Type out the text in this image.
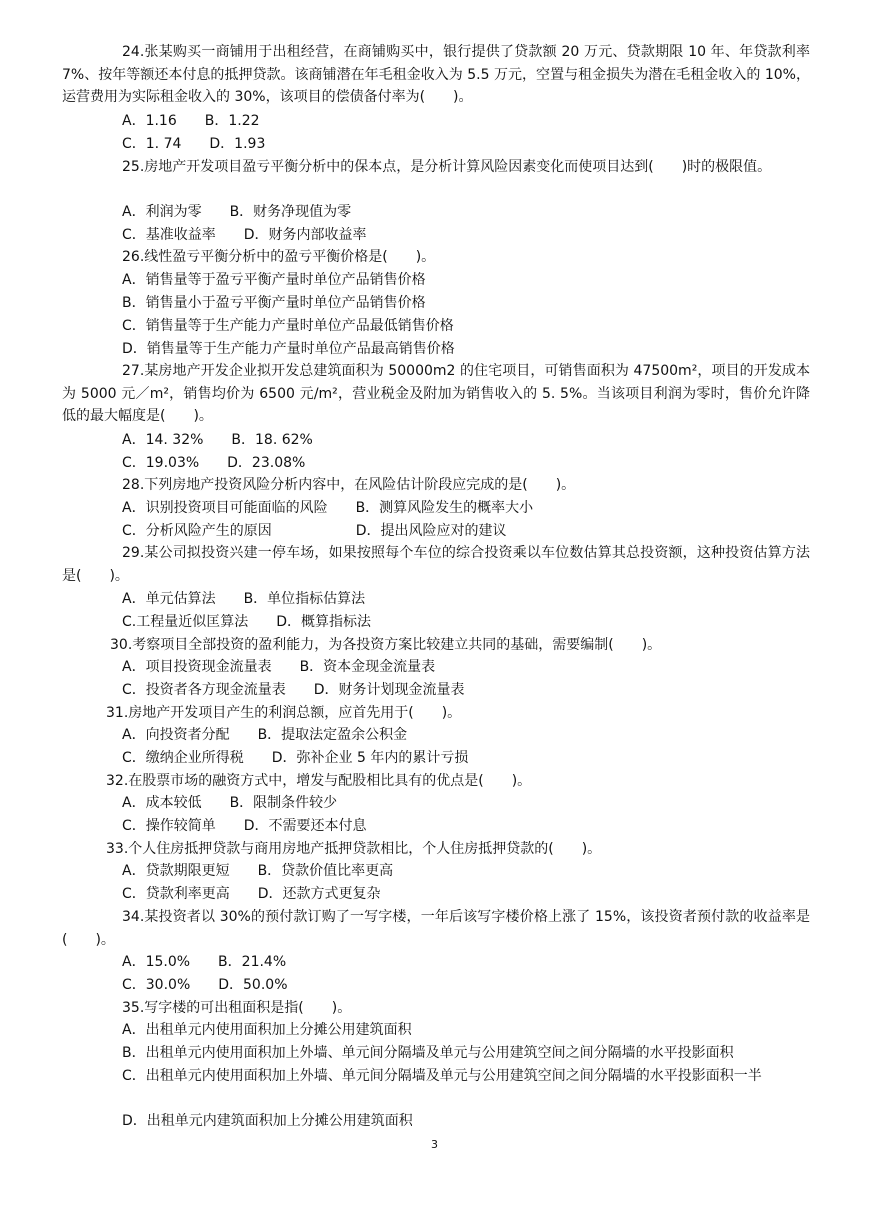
24.张某购买一商铺用于出租经营，在商铺购买中，银行提供了贷款额 20 万元、贷款期限 10 年、年贷款利率 7%、按年等额还本付息的抵押贷款。该商铺潜在年毛租金收入为 5.5 万元，空置与租金损失为潜在毛租金收入的 10%，运营费用为实际租金收入的 30%，该项目的偿债备付率为(　　)。
A．1.16　　B．1.22
C．1. 74　　D．1.93
25.房地产开发项目盈亏平衡分析中的保本点，是分析计算风险因素变化而使项目达到(　　)时的极限值。
A．利润为零　　B．财务净现值为零
C．基准收益率　　D．财务内部收益率
26.线性盈亏平衡分析中的盈亏平衡价格是(　　)。
A．销售量等于盈亏平衡产量时单位产品销售价格
B．销售量小于盈亏平衡产量时单位产品销售价格
C．销售量等于生产能力产量时单位产品最低销售价格
D．销售量等于生产能力产量时单位产品最高销售价格
27.某房地产开发企业拟开发总建筑面积为 50000m2 的住宅项目，可销售面积为 47500m²，项目的开发成本为 5000 元／m²，销售均价为 6500 元/m²，营业税金及附加为销售收入的 5. 5%。当该项目利润为零时，售价允许降低的最大幅度是(　　)。
A．14. 32%　　B．18. 62%
C．19.03%　　D．23.08%
28.下列房地产投资风险分析内容中，在风险估计阶段应完成的是(　　)。
A．识别投资项目可能面临的风险　　B．测算风险发生的概率大小
C．分析风险产生的原因　　　　　　D．提出风险应对的建议
29.某公司拟投资兴建一停车场，如果按照每个车位的综合投资乘以车位数估算其总投资额，这种投资估算方法是(　　)。
A．单元估算法　　B．单位指标估算法
C.工程量近似匡算法　　D．概算指标法
30.考察项目全部投资的盈利能力，为各投资方案比较建立共同的基础，需要编制(　　)。
A．项目投资现金流量表　　B．资本金现金流量表
C．投资者各方现金流量表　　D．财务计划现金流量表
31.房地产开发项目产生的利润总额，应首先用于(　　)。
A．向投资者分配　　B．提取法定盈余公积金
C．缴纳企业所得税　　D．弥补企业 5 年内的累计亏损
32.在股票市场的融资方式中，增发与配股相比具有的优点是(　　)。
A．成本较低　　B．限制条件较少
C．操作较简单　　D．不需要还本付息
33.个人住房抵押贷款与商用房地产抵押贷款相比，个人住房抵押贷款的(　　)。
A．贷款期限更短　　B．贷款价值比率更高
C．贷款利率更高　　D．还款方式更复杂
34.某投资者以 30%的预付款订购了一写字楼，一年后该写字楼价格上涨了 15%，该投资者预付款的收益率是(　　)。
A．15.0%　　B．21.4%
C．30.0%　　D．50.0%
35.写字楼的可出租面积是指(　　)。
A．出租单元内使用面积加上分摊公用建筑面积
B．出租单元内使用面积加上外墙、单元间分隔墙及单元与公用建筑空间之间分隔墙的水平投影面积
C．出租单元内使用面积加上外墙、单元间分隔墙及单元与公用建筑空间之间分隔墙的水平投影面积一半
D．出租单元内建筑面积加上分摊公用建筑面积
3
